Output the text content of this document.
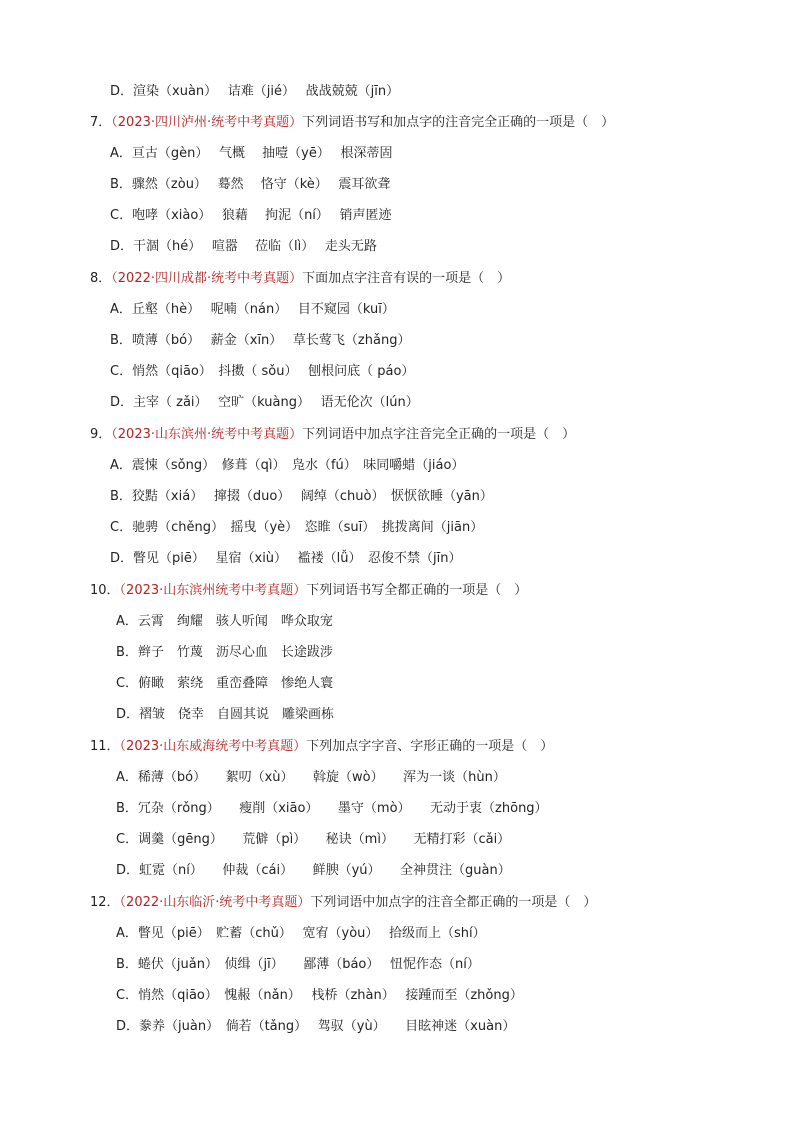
D．渲染（xuàn）　 诘难（jié）　 战战兢兢（jīn）
7．（2023·四川泸州·统考中考真题）下列词语书写和加点字的注音完全正确的一项是（　）
A．亘古（gèn）　 气概　 抽噎（yē）　 根深蒂固
B．骤然（zòu）　 蓦然　 恪守（kè）　 震耳欲聋
C．咆哮（xiào）　 狼藉　 拘泥（ní）　 销声匿迹
D．干涸（hé）　 喧嚣　 莅临（lì）　 走头无路
8．（2022·四川成都·统考中考真题）下面加点字注音有误的一项是（　）
A．丘壑（hè）　 呢喃（nán）　 目不窥园（kuī）
B．喷薄（bó）　 薪金（xīn）　 草长莺飞（zhǎng）
C．悄然（qiāo）　抖擞（ sǒu）　 刨根问底（ páo）
D．主宰（ zǎi）　 空旷（kuàng）　 语无伦次（lún）
9．（2023·山东滨州·统考中考真题）下列词语中加点字注音完全正确的一项是（　）
A．震悚（sǒng）　修葺（qì）　凫水（fú）　味同嚼蜡（jiáo）
B．狡黠（xiá）　 撺掇（duo）　 阔绰（chuò）　恹恹欲睡（yān）
C．驰骋（chěng）　摇曳（yè）　恣睢（suī）　挑拨离间（jiān）
D．瞥见（piē）　 星宿（xiù）　 褴褛（lǚ）　忍俊不禁（jīn）
10．（2023·山东滨州统考中考真题）下列词语书写全都正确的一项是（　）
A．云霄　绚耀　骇人听闻　哗众取宠
B．辫子　竹蔑　沥尽心血　长途跋涉
C．俯瞰　萦绕　重峦叠障　惨绝人寰
D．褶皱　侥幸　自圆其说　雕梁画栋
11．（2023·山东威海统考中考真题）下列加点字字音、字形正确的一项是（　）
A．稀薄（bó）　　絮叨（xù）　　斡旋（wò）　　浑为一谈（hùn）
B．冗杂（rǒng）　　瘦削（xiāo）　　墨守（mò）　　无动于衷（zhōng）
C．调羹（gēng）　　荒僻（pì）　　秘诀（mì）　　无精打彩（cǎi）
D．虹霓（ní）　　仲裁（cái）　　鲜腴（yú）　　全神贯注（guàn）
12．（2022·山东临沂·统考中考真题）下列词语中加点字的注音全都正确的一项是（　）
A．瞥见（piē）　贮蓄（chǔ）　 宽宥（yòu）　 拾级而上（shí）
B．蜷伏（juǎn）　侦缉（jī）　　鄙薄（báo）　 忸怩作态（ní）
C．悄然（qiāo）　愧赧（nǎn）　 栈桥（zhàn）　 接踵而至（zhǒng）
D．豢养（juàn）　倘若（tǎng）　 驾驭（yù）　　目眩神迷（xuàn）
